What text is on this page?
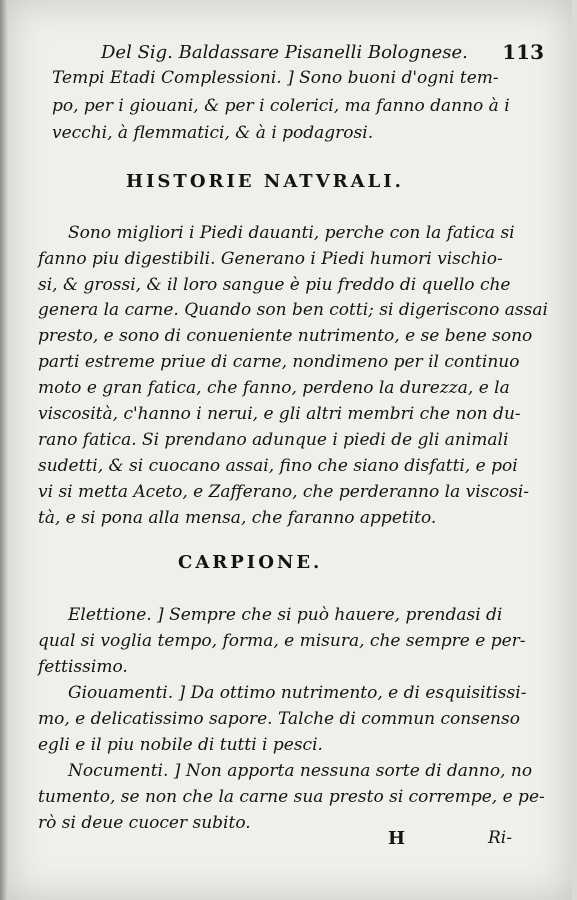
Del Sig. Baldassare Pisanelli Bolognese. 113
Tempi Etadi Complessioni. ] Sono buoni d'ogni tem-
po, per i giouani, & per i colerici, ma fanno danno à i
vecchi, à flemmatici, & à i podagrosi.
HISTORIE NATVRALI.
Sono migliori i Piedi dauanti, perche con la fatica si
fanno piu digestibili. Generano i Piedi humori vischio-
si, & grossi, & il loro sangue è piu freddo di quello che
genera la carne. Quando son ben cotti; si digeriscono assai
presto, e sono di conueniente nutrimento, e se bene sono
parti estreme priue di carne, nondimeno per il continuo
moto e gran fatica, che fanno, perdeno la durezza, e la
viscosità, c'hanno i nerui, e gli altri membri che non du-
rano fatica. Si prendano adunque i piedi de gli animali
sudetti, & si cuocano assai, fino che siano disfatti, e poi
vi si metta Aceto, e Zafferano, che perderanno la viscosi-
tà, e si pona alla mensa, che faranno appetito.
CARPIONE.
Elettione. ] Sempre che si può hauere, prendasi di
qual si voglia tempo, forma, e misura, che sempre e per-
fettissimo.
Giouamenti. ] Da ottimo nutrimento, e di esquisitissi-
mo, e delicatissimo sapore. Talche di commun consenso
egli e il piu nobile di tutti i pesci.
Nocumenti. ] Non apporta nessuna sorte di danno, no
tumento, se non che la carne sua presto si corrempe, e pe-
rò si deue cuocer subito.
H	Ri-
